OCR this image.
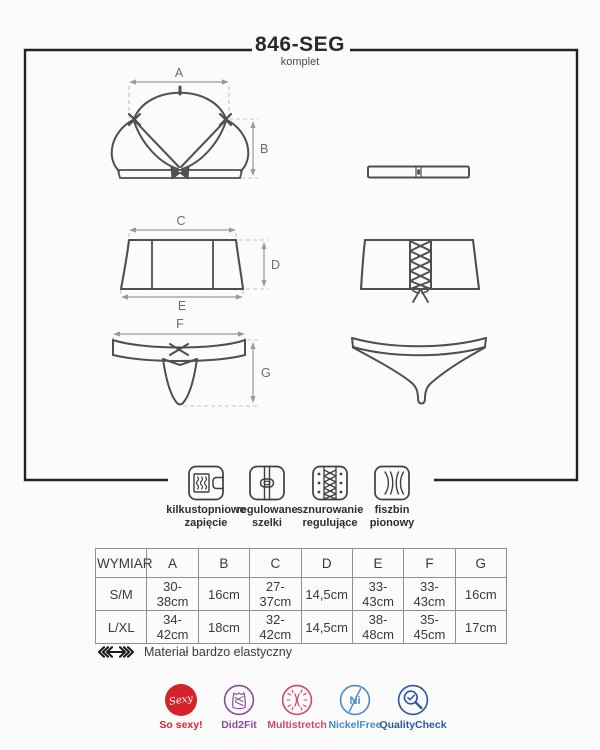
846-SEG
komplet
A
B
C
D
E
F
G
kilkustopniowe
zapięcie
regulowane
szelki
sznurowanie
regulujące
fiszbin
pionowy
WYMIAR	A	B	C	D	E	F	G
S/M	30-38cm	16cm	27-37cm	14,5cm	33-43cm	33-43cm	16cm
L/XL	34-42cm	18cm	32-42cm	14,5cm	38-48cm	35-45cm	17cm
Materiał bardzo elastyczny
Sexy
So sexy! Did2Fit Multistretch
Ni
NickelFree
QualityCheck
